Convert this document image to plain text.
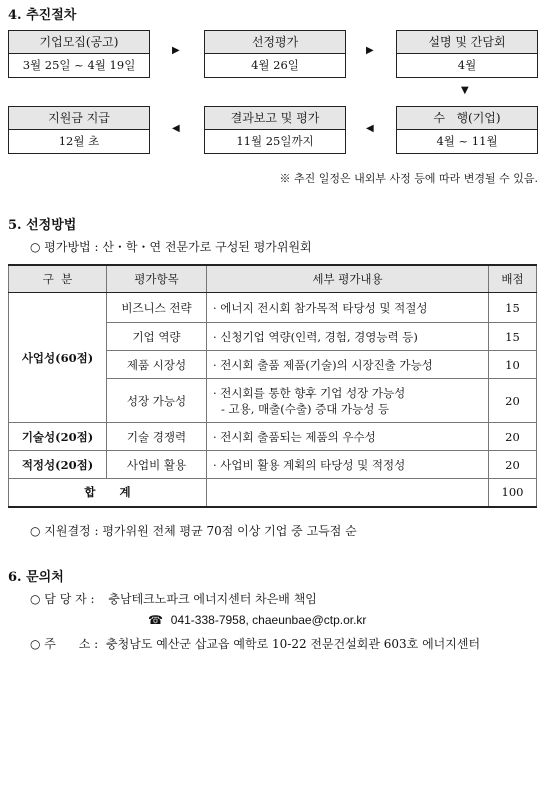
4. 추진절차
기업모집(공고)
3월 25일 ~ 4월 19일
▶
선정평가
4월 26일
▶
설명 및 간담회
4월
▼
지원금 지급
12월 초
◀
결과보고 및 평가
11월 25일까지
◀
수   행(기업)
4월 ~ 11월
※ 추진 일정은 내외부 사정 등에 따라 변경될 수 있음.
5. 선정방법
○ 평가방법 : 산・학・연 전문가로 구성된 평가위원회
구  분	평가항목	세부 평가내용	배점
사업성(60점)	비즈니스 전략	· 에너지 전시회 참가목적 타당성 및 적절성	15
	기업 역량	· 신청기업 역량(인력, 경험, 경영능력 등)	15
	제품 시장성	· 전시회 출품 제품(기술)의 시장진출 가능성	10
	성장 가능성	· 전시회를 통한 향후 기업 성장 가능성
- 고용, 매출(수출) 증대 가능성 등	20
기술성(20점)	기술 경쟁력	· 전시회 출품되는 제품의 우수성	20
적정성(20점)	사업비 활용	· 사업비 활용 계획의 타당성 및 적정성	20
합      계			100
○ 지원결정 : 평가위원 전체 평균 70점 이상 기업 중 고득점 순
6. 문의처
○ 담 당 자 : 충남테크노파크 에너지센터 차은배 책임
☎ 041-338-7958, chaeunbae@ctp.or.kr
○ 주      소 : 충청남도 예산군 삽교읍 예학로 10-22 전문건설회관 603호 에너지센터
